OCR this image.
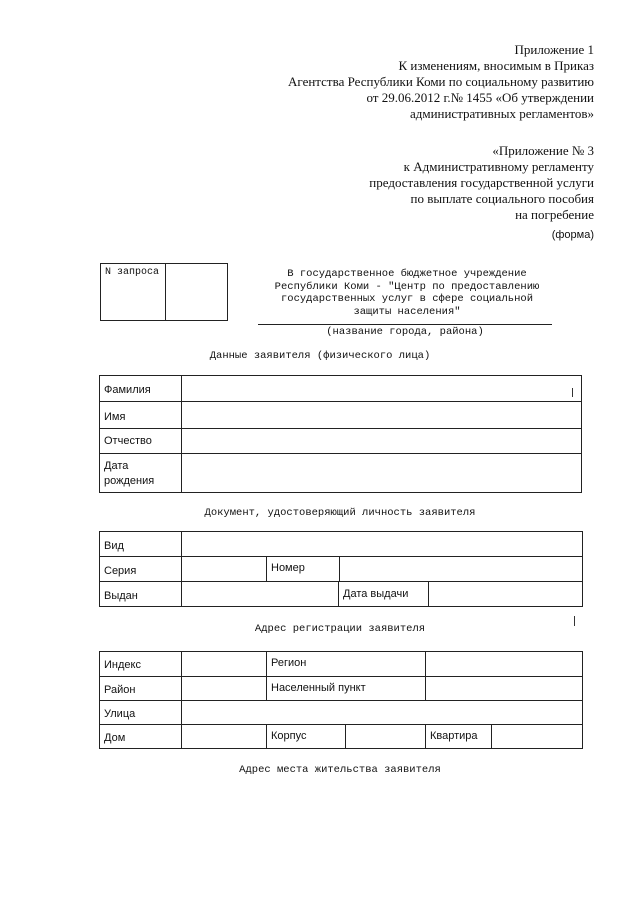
Приложение 1
К изменениям, вносимым в Приказ
Агентства Республики Коми по социальному развитию
от 29.06.2012 г.№ 1455 «Об утверждении
административных регламентов»
«Приложение № 3
к Административному регламенту
предоставления государственной услуги
по выплате социального пособия
на погребение
(форма)
N запроса	В государственное бюджетное учреждение
Республики Коми - "Центр по предоставлению
государственных услуг в сфере социальной
защиты населения"
(название города, района)
Данные заявителя (физического лица)
Фамилия
Имя
Отчество
Дата
рождения
Документ, удостоверяющий личность заявителя
Вид
Серия	Номер
Выдан	Дата выдачи
Адрес регистрации заявителя
Индекс	Регион
Район	Населенный пункт
Улица
Дом	Корпус	Квартира
Адрес места жительства заявителя
